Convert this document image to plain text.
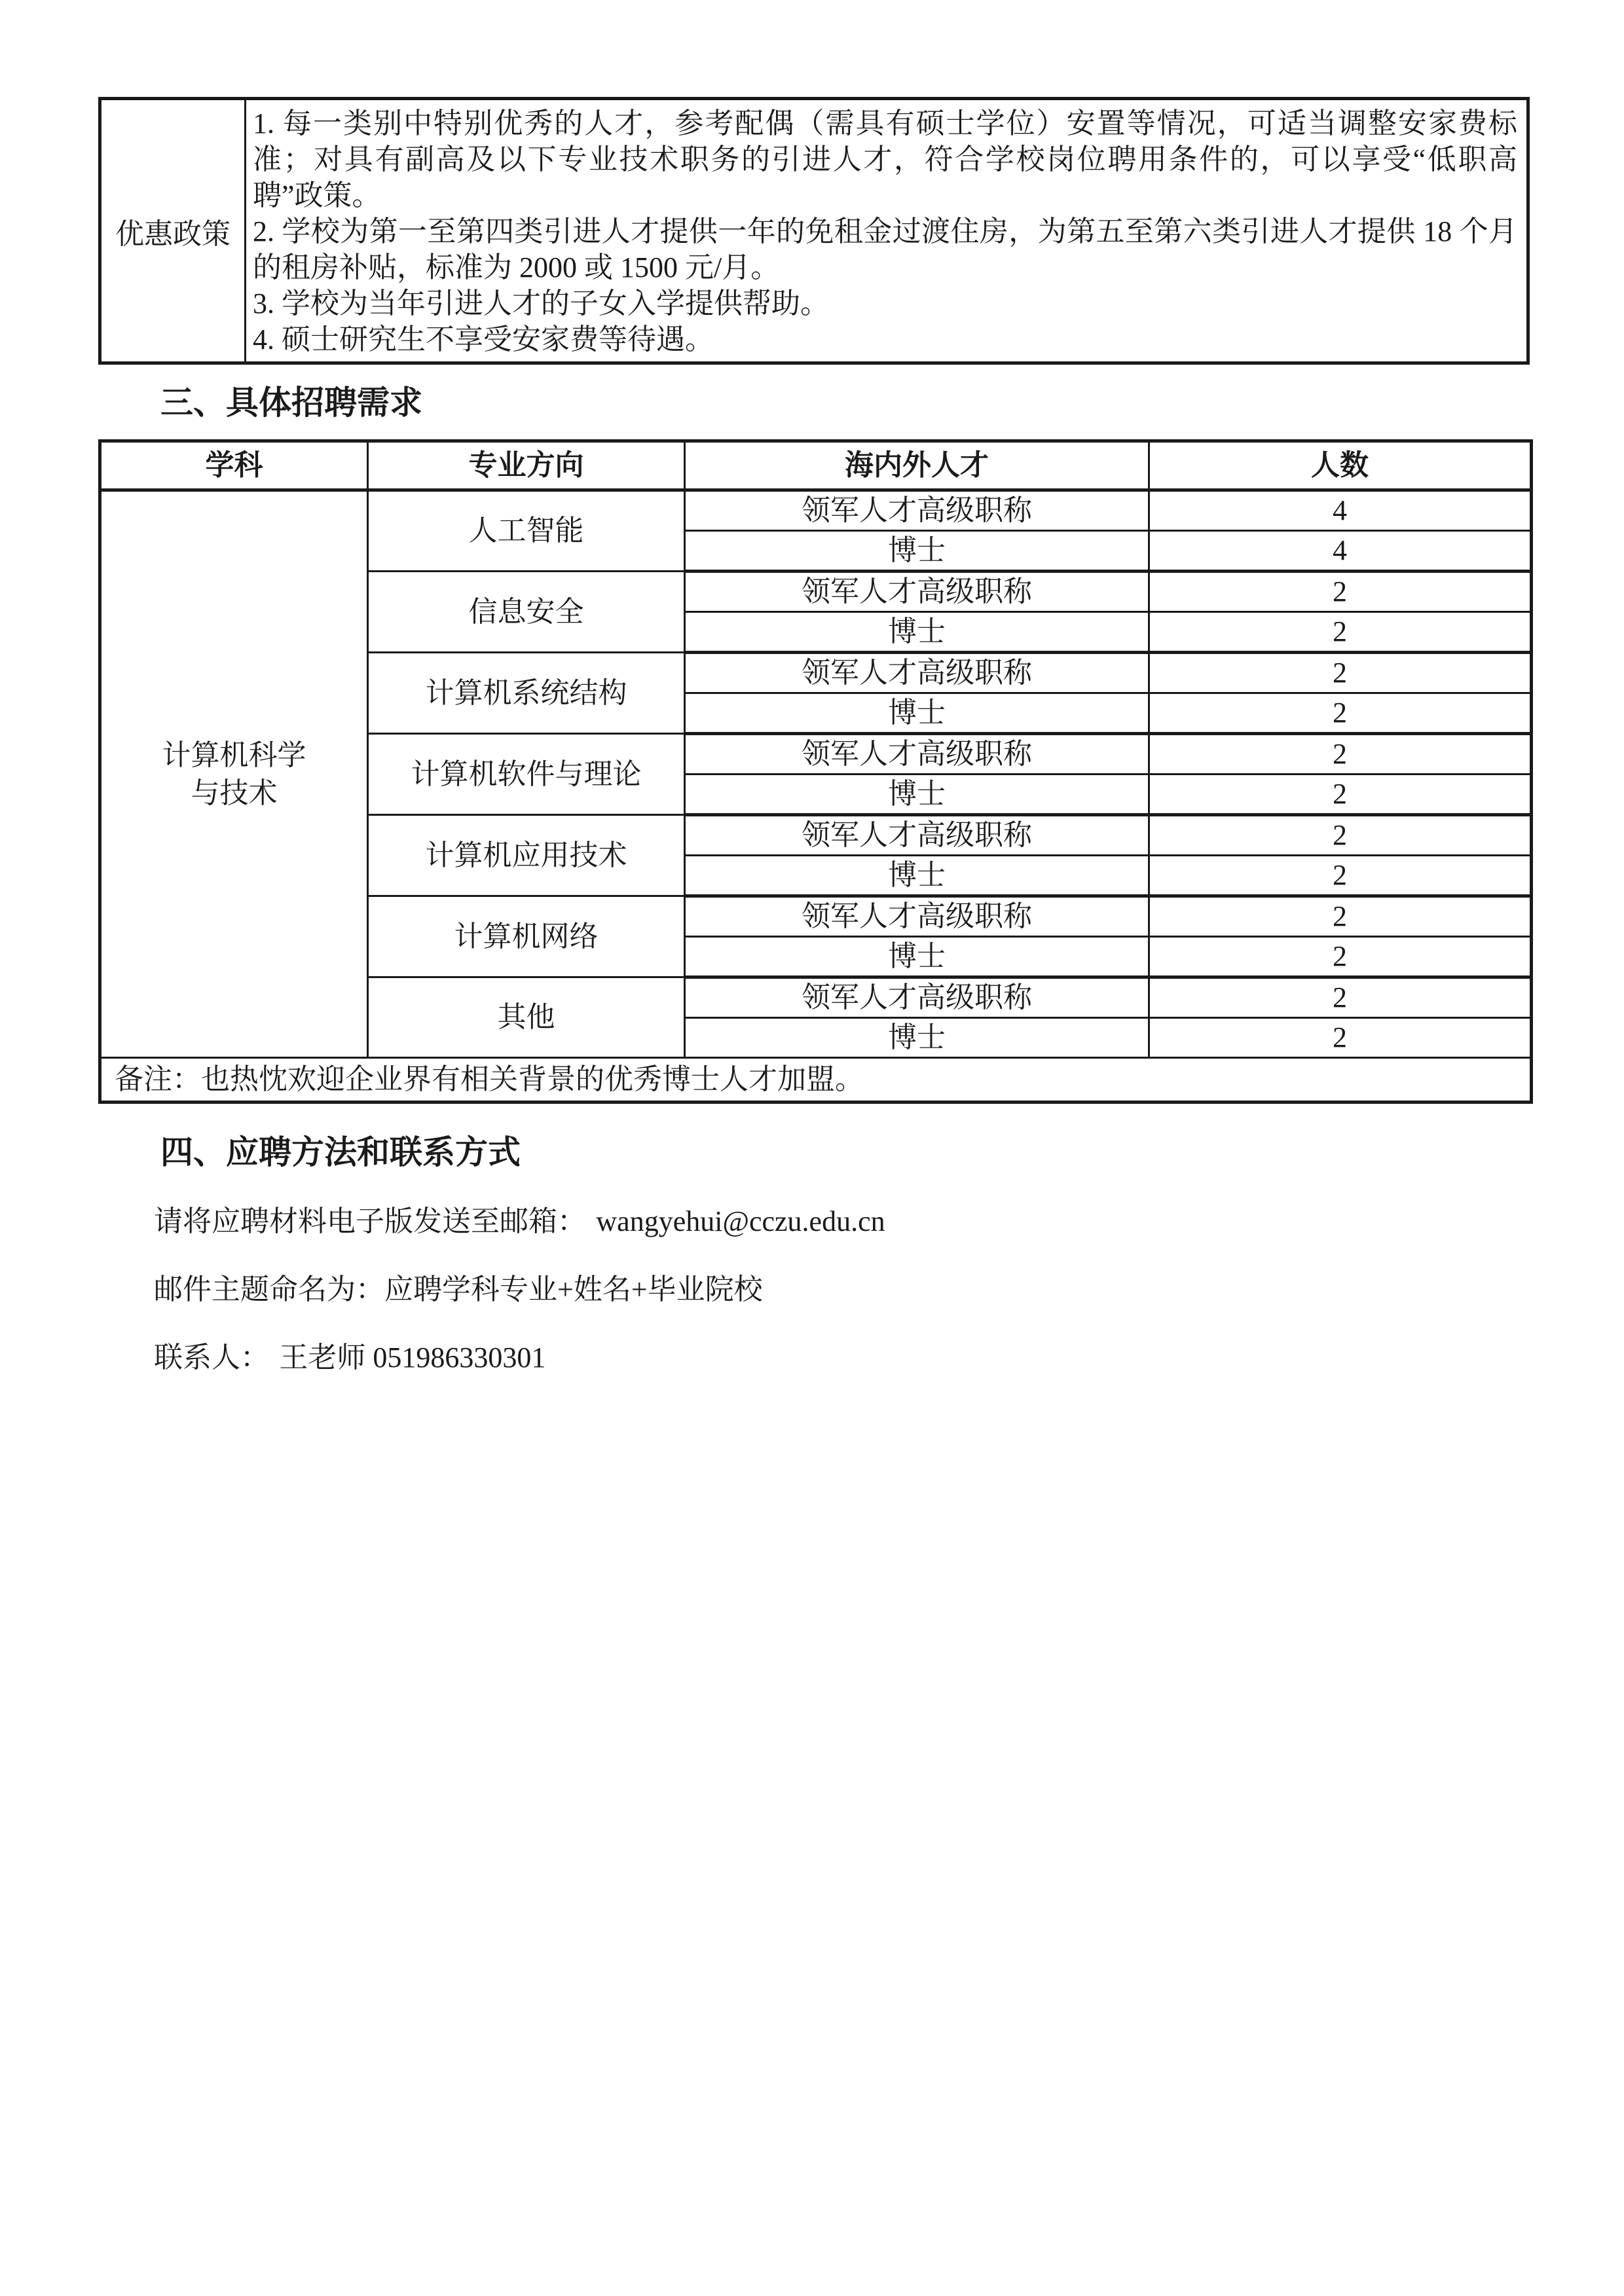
优惠政策	

1. 每一类别中特别优秀的人才，参考配偶（需具有硕士学位）安置等情况，可适当调整安家费标准；对具有副高及以下专业技术职务的引进人才，符合学校岗位聘用条件的，可以享受“低职高聘”政策。

2. 学校为第一至第四类引进人才提供一年的免租金过渡住房，为第五至第六类引进人才提供 18 个月的租房补贴，标准为 2000 或 1500 元/月。

3. 学校为当年引进人才的子女入学提供帮助。

4. 硕士研究生不享受安家费等待遇。

三、具体招聘需求
学科	专业方向	海内外人才	人数
计算机科学与技术	人工智能	领军人才高级职称	4
		博士	4
	信息安全	领军人才高级职称	2
		博士	2
	计算机系统结构	领军人才高级职称	2
		博士	2
	计算机软件与理论	领军人才高级职称	2
		博士	2
	计算机应用技术	领军人才高级职称	2
		博士	2
	计算机网络	领军人才高级职称	2
		博士	2
	其他	领军人才高级职称	2
		博士	2
备注：也热忱欢迎企业界有相关背景的优秀博士人才加盟。			
四、应聘方法和联系方式

请将应聘材料电子版发送至邮箱： wangyehui@cczu.edu.cn

邮件主题命名为：应聘学科专业+姓名+毕业院校

联系人： 王老师 051986330301
